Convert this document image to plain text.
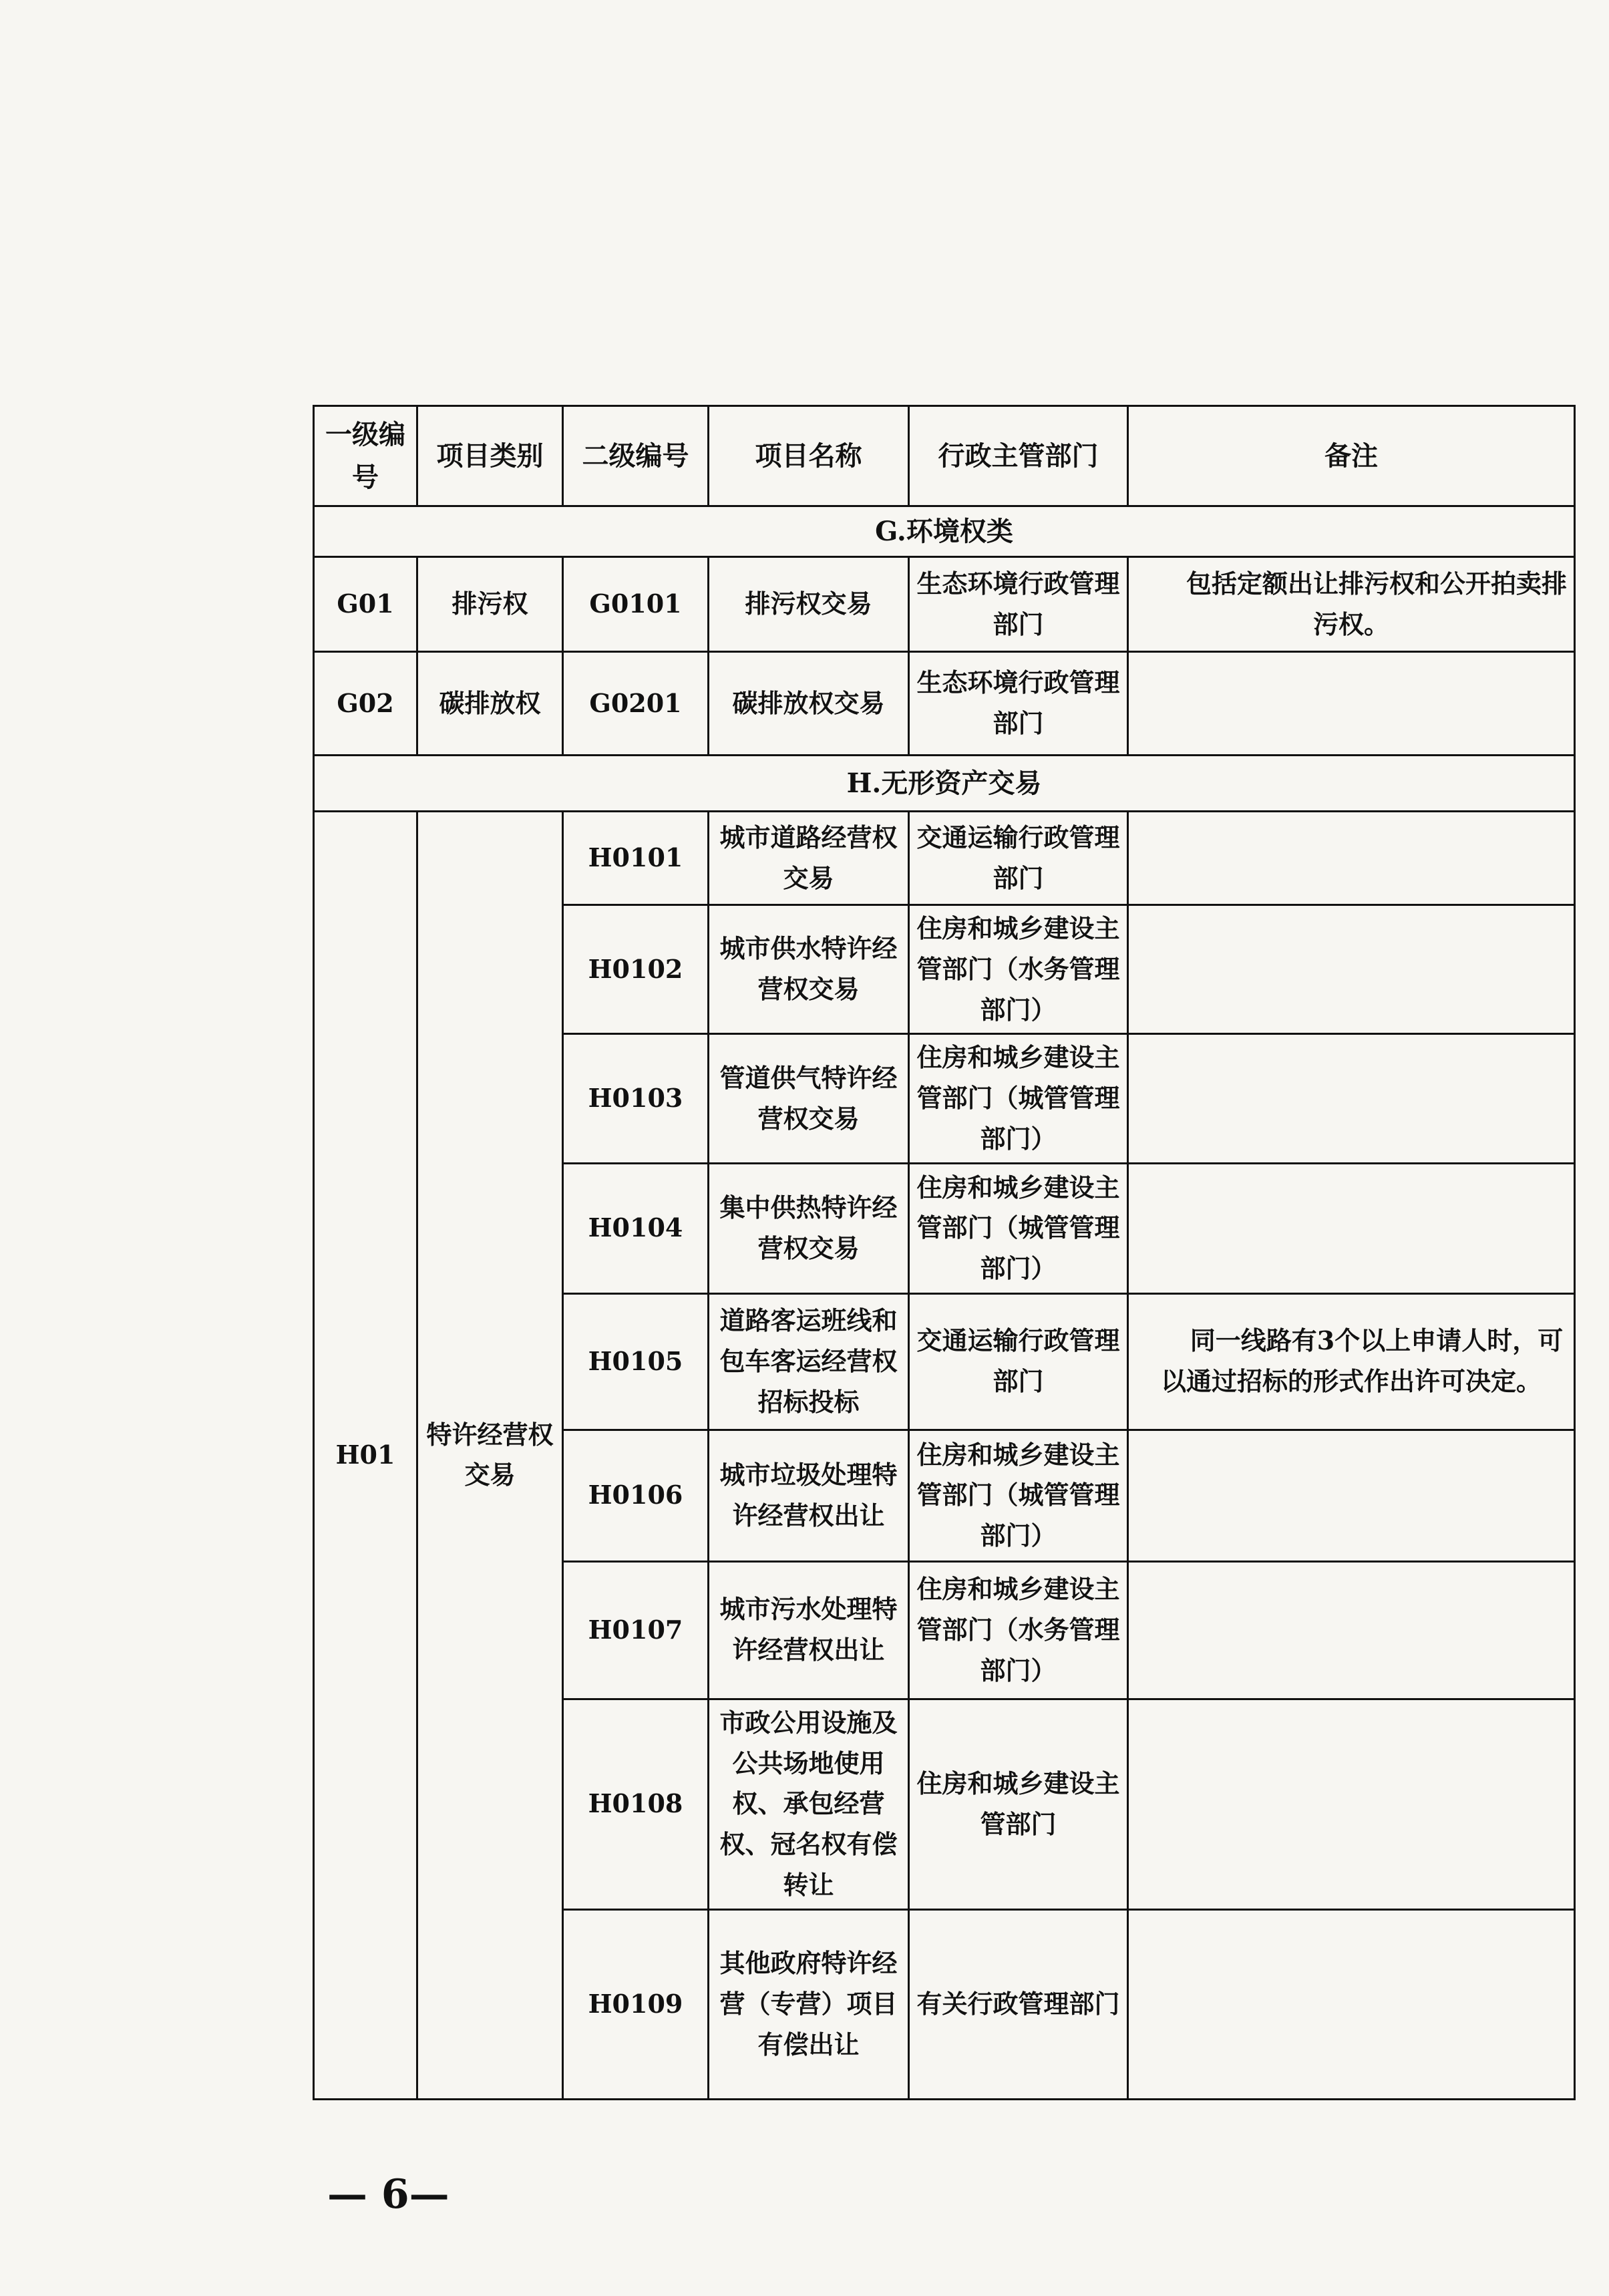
一级编号	项目类别	二级编号	项目名称	行政主管部门	备注
G.环境权类					
G01	排污权	G0101	排污权交易	生态环境行政管理部门	包括定额出让排污权和公开拍卖排污权。
G02	碳排放权	G0201	碳排放权交易	生态环境行政管理部门	
H.无形资产交易					
H01	特许经营权交易	H0101	城市道路经营权交易	交通运输行政管理部门	
		H0102	城市供水特许经营权交易	住房和城乡建设主管部门（水务管理部门）	
		H0103	管道供气特许经营权交易	住房和城乡建设主管部门（城管管理部门）	
		H0104	集中供热特许经营权交易	住房和城乡建设主管部门（城管管理部门）	
		H0105	道路客运班线和包车客运经营权招标投标	交通运输行政管理部门	同一线路有3个以上申请人时，可以通过招标的形式作出许可决定。
		H0106	城市垃圾处理特许经营权出让	住房和城乡建设主管部门（城管管理部门）	
		H0107	城市污水处理特许经营权出让	住房和城乡建设主管部门（水务管理部门）	
		H0108	市政公用设施及公共场地使用权、承包经营权、冠名权有偿转让	住房和城乡建设主管部门	
		H0109	其他政府特许经营（专营）项目有偿出让	有关行政管理部门	
— 6—
